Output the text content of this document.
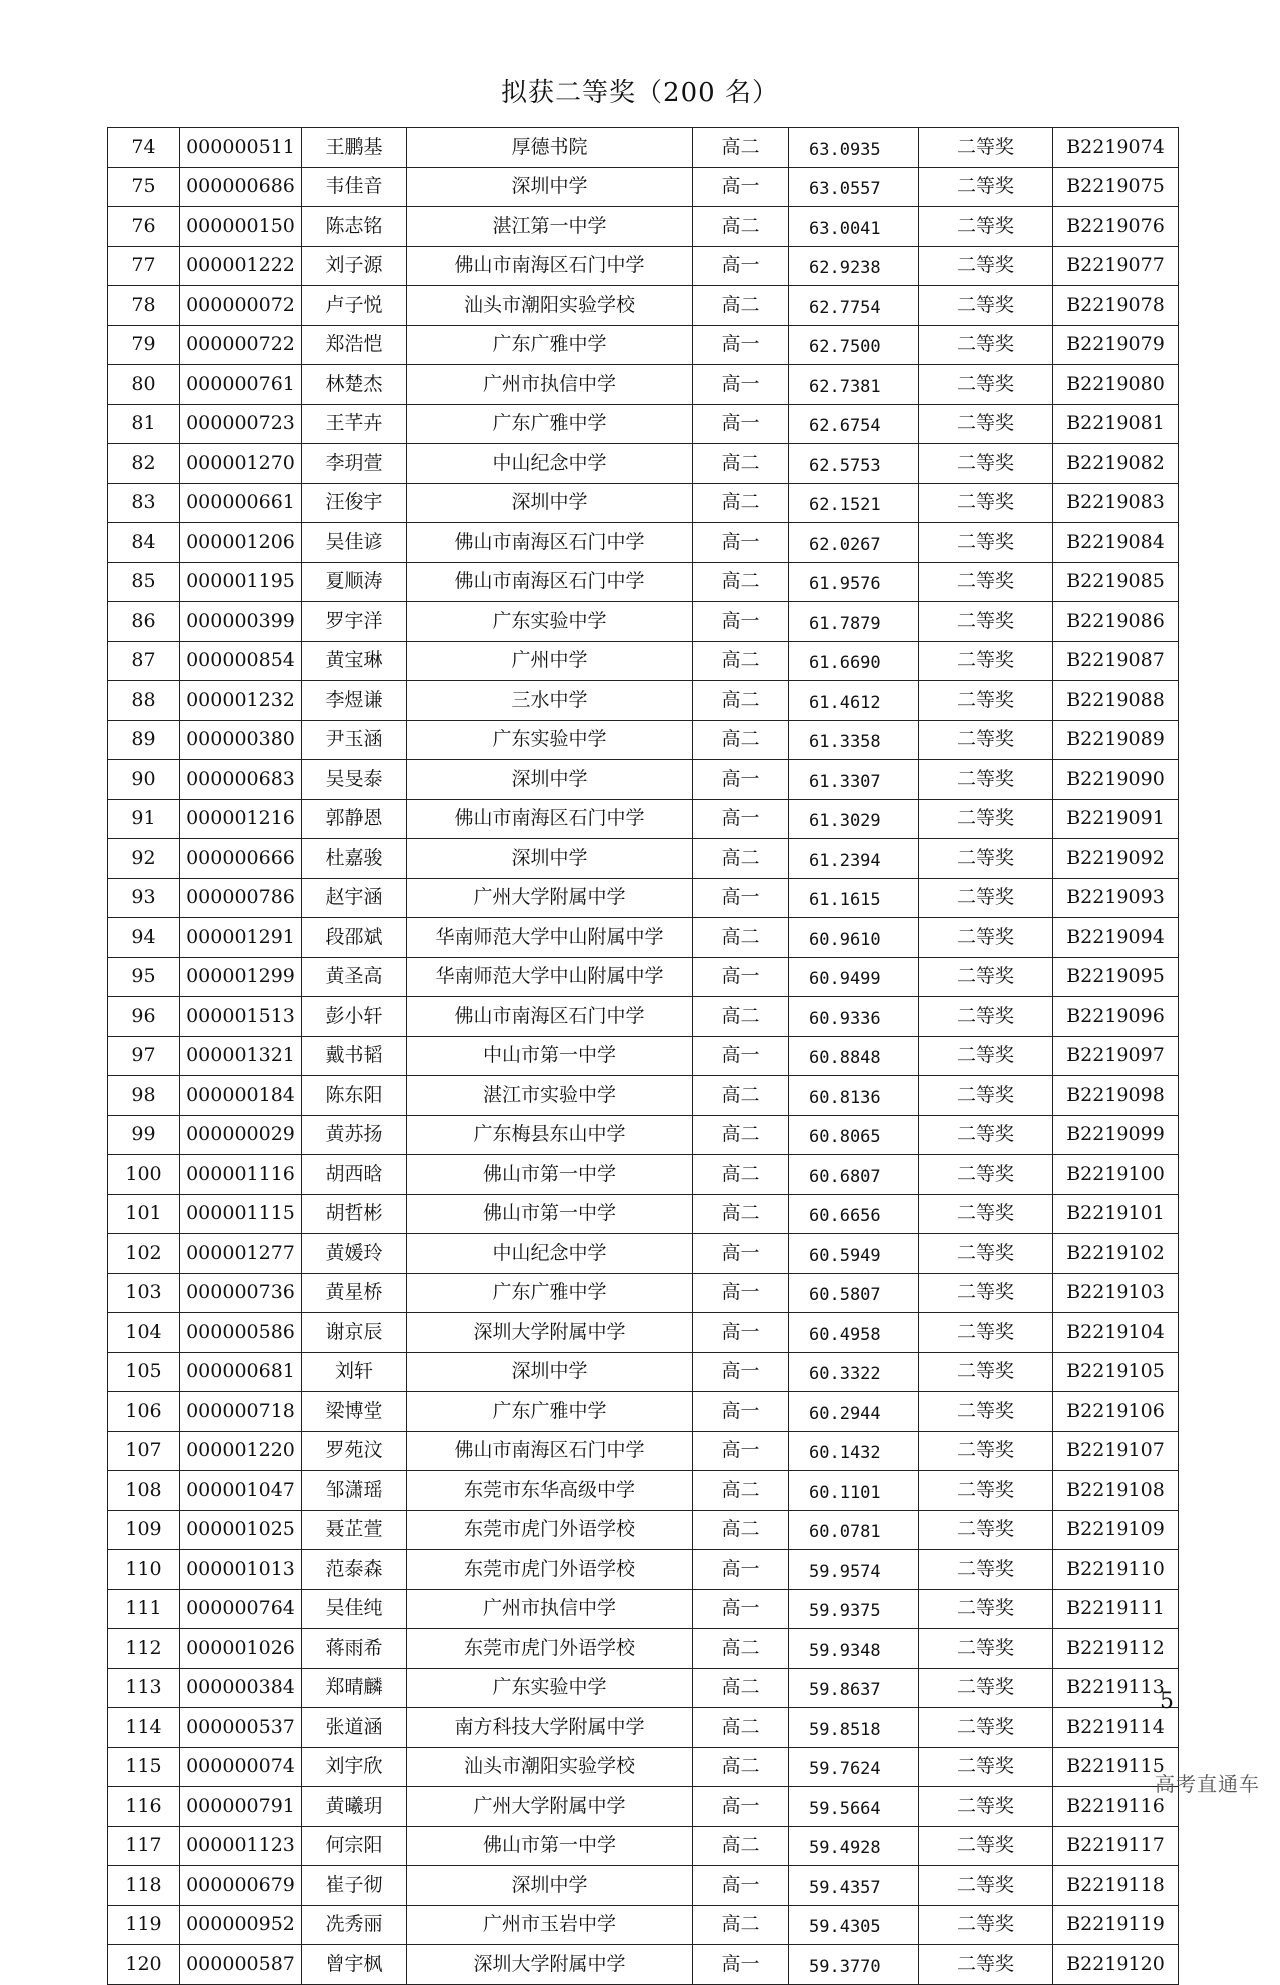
拟获二等奖（200 名）
74	000000511	王鹏基	厚德书院	高二	63.0935	二等奖	B2219074
75	000000686	韦佳音	深圳中学	高一	63.0557	二等奖	B2219075
76	000000150	陈志铭	湛江第一中学	高二	63.0041	二等奖	B2219076
77	000001222	刘子源	佛山市南海区石门中学	高一	62.9238	二等奖	B2219077
78	000000072	卢子悦	汕头市潮阳实验学校	高二	62.7754	二等奖	B2219078
79	000000722	郑浩恺	广东广雅中学	高一	62.7500	二等奖	B2219079
80	000000761	林楚杰	广州市执信中学	高一	62.7381	二等奖	B2219080
81	000000723	王芊卉	广东广雅中学	高一	62.6754	二等奖	B2219081
82	000001270	李玥萱	中山纪念中学	高二	62.5753	二等奖	B2219082
83	000000661	汪俊宇	深圳中学	高二	62.1521	二等奖	B2219083
84	000001206	吴佳谚	佛山市南海区石门中学	高一	62.0267	二等奖	B2219084
85	000001195	夏顺涛	佛山市南海区石门中学	高二	61.9576	二等奖	B2219085
86	000000399	罗宇洋	广东实验中学	高一	61.7879	二等奖	B2219086
87	000000854	黄宝琳	广州中学	高二	61.6690	二等奖	B2219087
88	000001232	李煜谦	三水中学	高二	61.4612	二等奖	B2219088
89	000000380	尹玉涵	广东实验中学	高二	61.3358	二等奖	B2219089
90	000000683	吴旻泰	深圳中学	高一	61.3307	二等奖	B2219090
91	000001216	郭静恩	佛山市南海区石门中学	高一	61.3029	二等奖	B2219091
92	000000666	杜嘉骏	深圳中学	高二	61.2394	二等奖	B2219092
93	000000786	赵宇涵	广州大学附属中学	高一	61.1615	二等奖	B2219093
94	000001291	段邵斌	华南师范大学中山附属中学	高二	60.9610	二等奖	B2219094
95	000001299	黄圣高	华南师范大学中山附属中学	高一	60.9499	二等奖	B2219095
96	000001513	彭小轩	佛山市南海区石门中学	高二	60.9336	二等奖	B2219096
97	000001321	戴书韬	中山市第一中学	高一	60.8848	二等奖	B2219097
98	000000184	陈东阳	湛江市实验中学	高二	60.8136	二等奖	B2219098
99	000000029	黄苏扬	广东梅县东山中学	高二	60.8065	二等奖	B2219099
100	000001116	胡西晗	佛山市第一中学	高二	60.6807	二等奖	B2219100
101	000001115	胡哲彬	佛山市第一中学	高二	60.6656	二等奖	B2219101
102	000001277	黄媛玲	中山纪念中学	高一	60.5949	二等奖	B2219102
103	000000736	黄星桥	广东广雅中学	高一	60.5807	二等奖	B2219103
104	000000586	谢京辰	深圳大学附属中学	高一	60.4958	二等奖	B2219104
105	000000681	刘轩	深圳中学	高一	60.3322	二等奖	B2219105
106	000000718	梁博堂	广东广雅中学	高一	60.2944	二等奖	B2219106
107	000001220	罗苑汶	佛山市南海区石门中学	高一	60.1432	二等奖	B2219107
108	000001047	邹潇瑶	东莞市东华高级中学	高二	60.1101	二等奖	B2219108
109	000001025	聂芷萱	东莞市虎门外语学校	高二	60.0781	二等奖	B2219109
110	000001013	范泰森	东莞市虎门外语学校	高一	59.9574	二等奖	B2219110
111	000000764	吴佳纯	广州市执信中学	高一	59.9375	二等奖	B2219111
112	000001026	蒋雨希	东莞市虎门外语学校	高二	59.9348	二等奖	B2219112
113	000000384	郑晴麟	广东实验中学	高二	59.8637	二等奖	B2219113
114	000000537	张道涵	南方科技大学附属中学	高二	59.8518	二等奖	B2219114
115	000000074	刘宇欣	汕头市潮阳实验学校	高二	59.7624	二等奖	B2219115
116	000000791	黄曦玥	广州大学附属中学	高一	59.5664	二等奖	B2219116
117	000001123	何宗阳	佛山市第一中学	高二	59.4928	二等奖	B2219117
118	000000679	崔子彻	深圳中学	高一	59.4357	二等奖	B2219118
119	000000952	冼秀丽	广州市玉岩中学	高二	59.4305	二等奖	B2219119
120	000000587	曾宇枫	深圳大学附属中学	高一	59.3770	二等奖	B2219120
5
高考直通车
